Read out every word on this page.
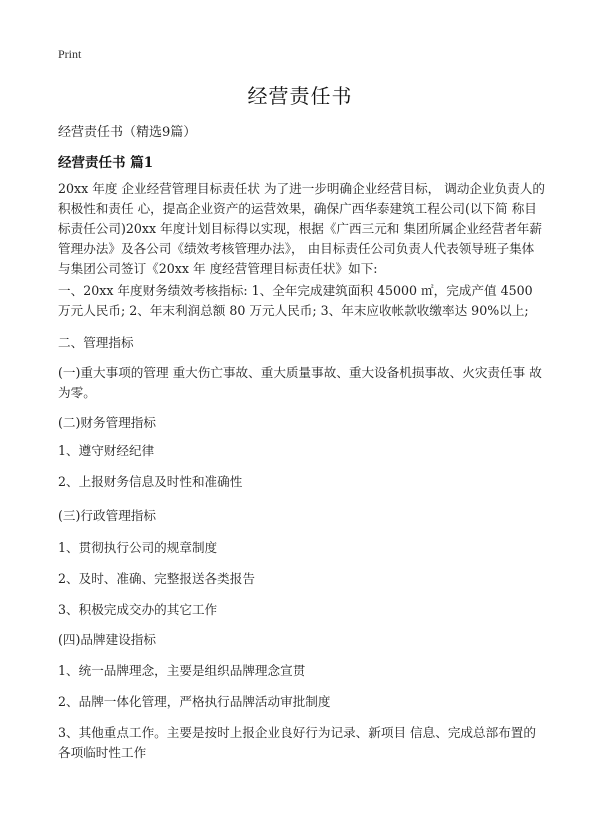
Print
经营责任书
经营责任书（精选9篇）
经营责任书 篇1
20xx 年度 企业经营管理目标责任状 为了进一步明确企业经营目标， 调动企业负责人的积极性和责任 心，提高企业资产的运营效果，确保广西华泰建筑工程公司(以下简 称目标责任公司)20xx 年度计划目标得以实现，根据《广西三元和 集团所属企业经营者年薪管理办法》及各公司《绩效考核管理办法》， 由目标责任公司负责人代表领导班子集体与集团公司签订《20xx 年 度经营管理目标责任状》如下:
一、20xx 年度财务绩效考核指标: 1、全年完成建筑面积 45000 ㎡，完成产值 4500 万元人民币; 2、年末利润总额 80 万元人民币; 3、年末应收帐款收缴率达 90%以上;
二、管理指标
(一)重大事项的管理 重大伤亡事故、重大质量事故、重大设备机损事故、火灾责任事 故为零。
(二)财务管理指标
1、遵守财经纪律
2、上报财务信息及时性和准确性
(三)行政管理指标
1、贯彻执行公司的规章制度
2、及时、准确、完整报送各类报告
3、积极完成交办的其它工作
(四)品牌建设指标
1、统一品牌理念，主要是组织品牌理念宣贯
2、品牌一体化管理，严格执行品牌活动审批制度
3、其他重点工作。主要是按时上报企业良好行为记录、新项目 信息、完成总部布置的各项临时性工作
